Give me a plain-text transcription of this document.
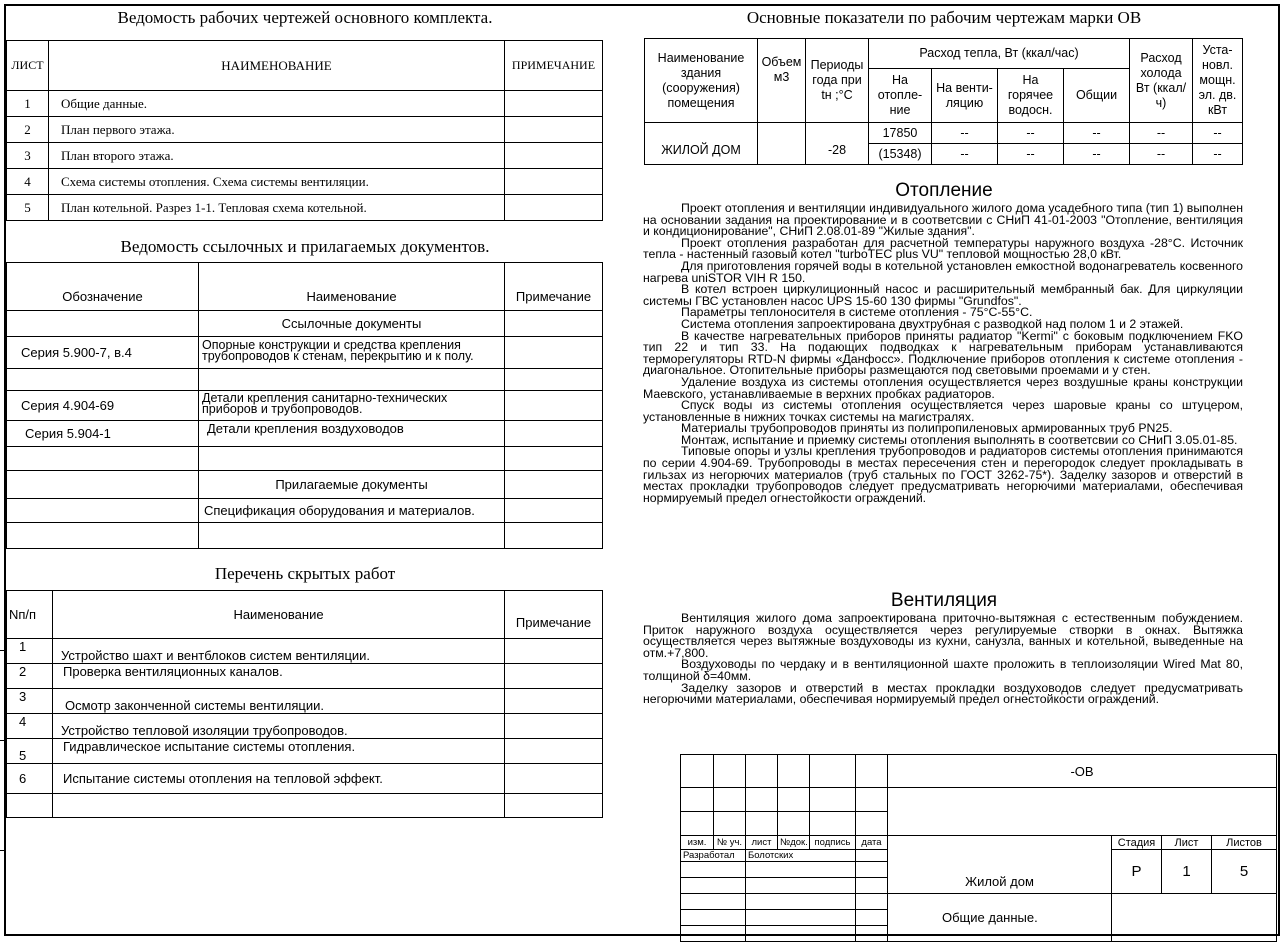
Ведомость рабочих чертежей основного комплекта.
ЛИСТ	НАИМЕНОВАНИЕ	ПРИМЕЧАНИЕ
1	Общие данные.	
2	План первого этажа.	
3	План второго этажа.	
4	Схема системы отопления. Схема системы вентиляции.	
5	План котельной. Разрез 1-1. Тепловая схема котельной.	
Ведомость ссылочных и прилагаемых документов.
Обозначение	Наименование	Примечание
	Ссылочные документы	
Серия 5.900-7, в.4	Опорные конструкции и средства крепления трубопроводов к стенам, перекрытию и к полу.	

Серия 4.904-69	Детали крепления санитарно-технических приборов и трубопроводов.	
Серия 5.904-1	Детали крепления воздуховодов	

	Прилагаемые документы	
	Спецификация оборудования и материалов.	

Перечень скрытых работ
Nп/п	Наименование	Примечание
1	Устройство шахт и вентблоков систем вентиляции.	
2	Проверка вентиляционных каналов.	
3	Осмотр законченной системы вентиляции.	
4	Устройство тепловой изоляции трубопроводов.	
5	Гидравлическое испытание системы отопления.	
6	Испытание системы отопления на тепловой эффект.	

Основные показатели по рабочим чертежам марки ОВ
Наименование здания (сооружения) помещения	Объем м3	Периоды года при tн ;°С	Расход тепла, Вт (ккал/час)				Расход холода Вт (ккал/ч)	Уста-новл. мощн. эл. дв. кВт
			На отопле-ние	На венти-ляцию	На горячее водосн.	Общии		
ЖИЛОЙ ДОМ		-28	17850	--	--	--	--	--
			(15348)	--	--	--	--	--
Отопление

Проект отопления и вентиляции индивидуального жилого дома усадебного типа (тип 1) выполнен на основании задания на проектирование и в соответсвии с СНиП 41-01-2003 "Отопление, вентиляция и кондиционирование", СНиП 2.08.01-89 "Жилые здания".

Проект отопления разработан для расчетной температуры наружного воздуха -28°С. Источник тепла - настенный газовый котел "turboTEC plus VU" тепловой мощностью 28,0 кВт.

Для приготовления горячей воды в котельной установлен емкостной водонагреватель косвенного нагрева uniSTOR VIH R 150.

В котел встроен циркулиционный насос и расширительный мембранный бак. Для циркуляции системы ГВС установлен насос UPS 15-60 130 фирмы "Grundfos".

Параметры теплоносителя в системе отопления - 75°С-55°С.

Система отопления запроектирована двухтрубная с разводкой над полом 1 и 2 этажей.

В качестве нагревательных приборов приняты радиатор "Kermi" с боковым подключением FKO тип 22 и тип 33. На подающих подводках к нагревательным приборам устанавливаются терморегуляторы RTD-N фирмы «Данфосс». Подключение приборов отопления к системе отопления - диагональное. Отопительные приборы размещаются под световыми проемами и у стен.

Удаление воздуха из системы отопления осуществляется через воздушные краны конструкции Маевского, устанавливаемые в верхних пробках радиаторов.

Спуск воды из системы отопления осуществляется через шаровые краны со штуцером, установленные в нижних точках системы на магистралях.

Материалы трубопроводов приняты из полипропиленовых армированных труб PN25.

Монтаж, испытание и приемку системы отопления выполнять в соответсвии со СНиП 3.05.01-85.

Типовые опоры и узлы крепления трубопроводов и радиаторов системы отопления принимаются по серии 4.904-69. Трубопроводы в местах пересечения стен и перегородок следует прокладывать в гильзах из негорючих материалов (труб стальных по ГОСТ 3262-75*). Заделку зазоров и отверстий в местах прокладки трубопроводов следует предусматривать негорючими материалами, обеспечивая нормируемый предел огнестойкости ограждений.

Вентиляция

Вентиляция жилого дома запроектирована приточно-вытяжная с естественным побуждением. Приток наружного воздуха осуществляется через регулируемые створки в окнах. Вытяжка осуществляется через вытяжные воздуховоды из кухни, санузла, ванных и котельной, выведенные на отм.+7,800.

Воздуховоды по чердаку и в вентиляционной шахте проложить в теплоизоляции Wired Mat 80, толщиной δ=40мм.

Заделку зазоров и отверстий в местах прокладки воздуховодов следует предусматривать негорючими материалами, обеспечивая нормируемый предел огнестойкости ограждений.

						-ОВ			

изм.	№ уч.	лист	№док.	подпись	дата	Жилой дом	Стадия	Лист	Листов
Разработал		Болотских					Р	1	5

						Общие данные.			
